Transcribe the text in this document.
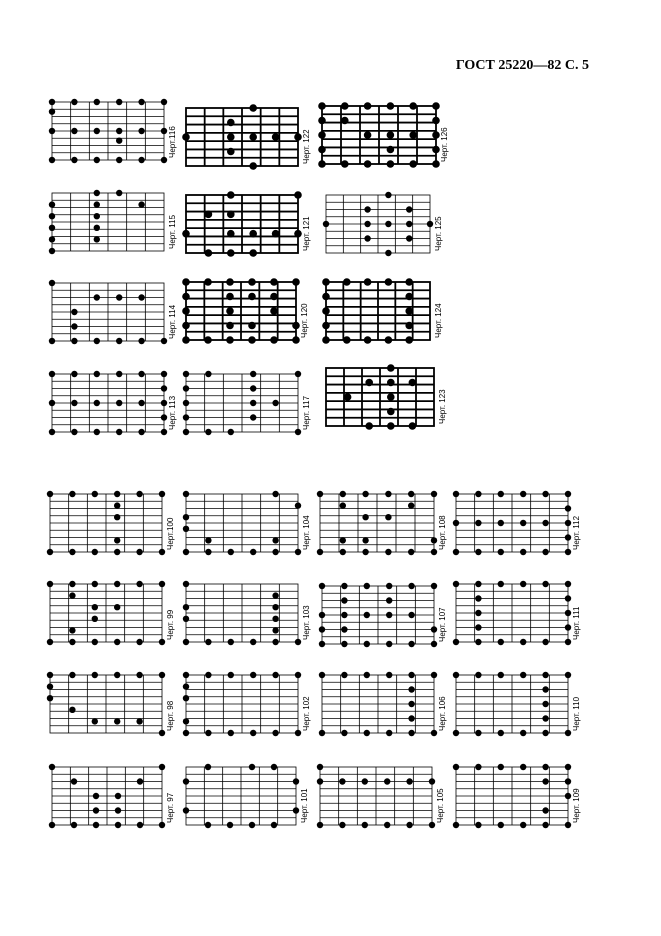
ГОСТ 25220—82 С. 5
Черт.116	Черт. 122	Черт. 126
Черт. 115	Черт. 121	Черт. 125
Черт. 114	Черт. 120	Черт. 124
Черт. 113	Черт. 117	Черт. 123
Черт.100	Черт. 104	Черт. 108	Черт. 112
Черт. 99	Черт. 103	Черт. 107	Черт. 111
Черт. 98	Черт. 102	Черт. 106	Черт. 110
Черт. 97	Черт. 101	Черт. 105	Черт. 109
